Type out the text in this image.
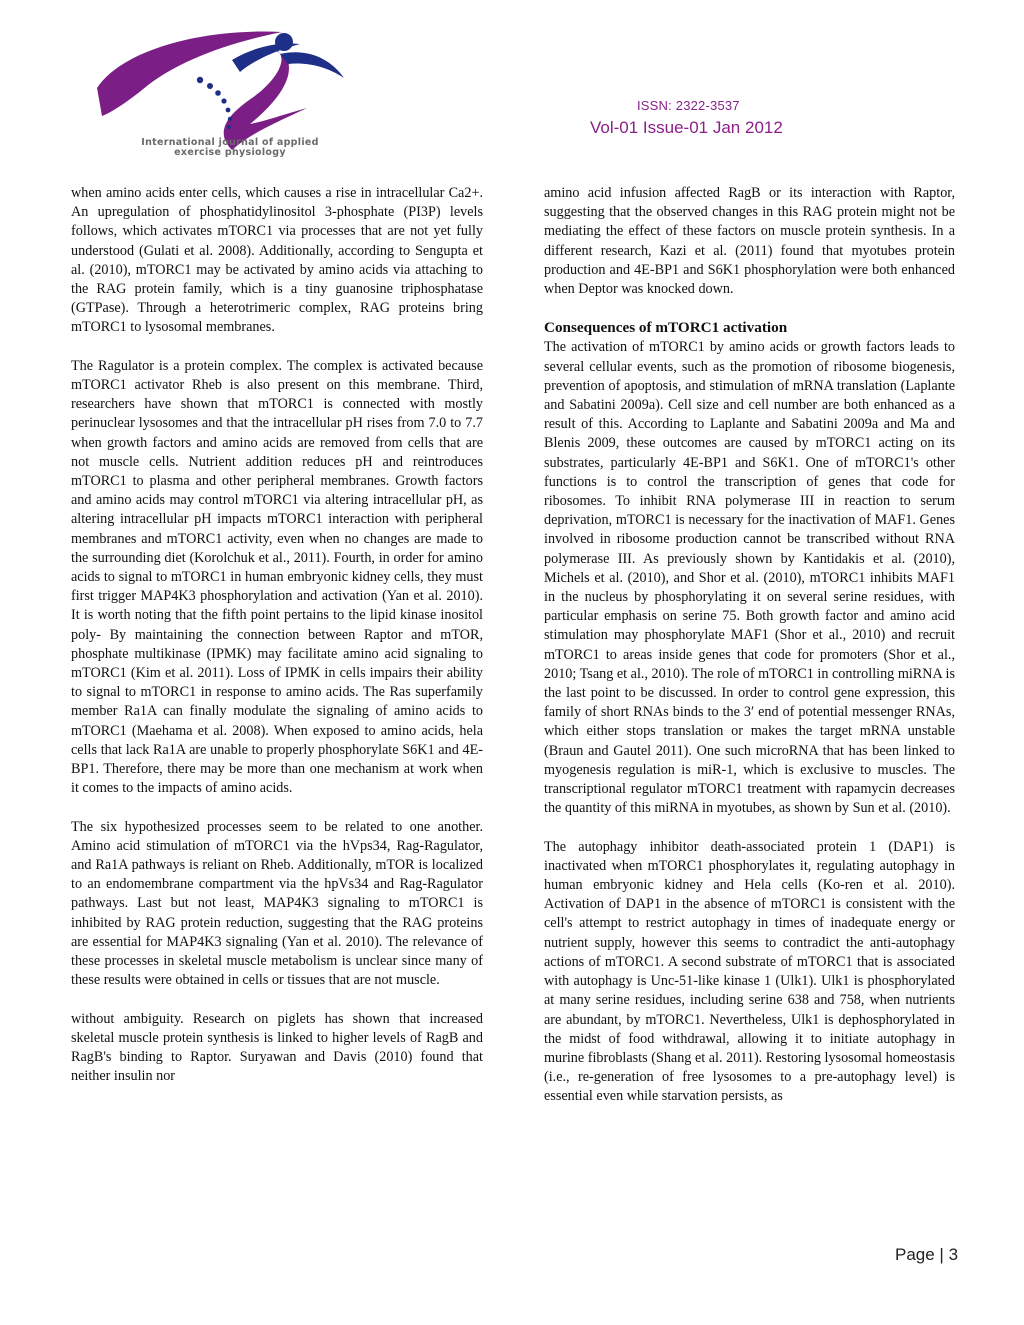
International journal of applied
exercise physiology
ISSN: 2322-3537
Vol-01 Issue-01 Jan 2012

when amino acids enter cells, which causes a rise in intracellular Ca2+. An upregulation of phosphatidylinositol 3-phosphate (PI3P) levels follows, which activates mTORC1 via processes that are not yet fully understood (Gulati et al. 2008). Additionally, according to Sengupta et al. (2010), mTORC1 may be activated by amino acids via attaching to the RAG protein family, which is a tiny guanosine triphosphatase (GTPase). Through a heterotrimeric complex, RAG proteins bring mTORC1 to lysosomal membranes.

The Ragulator is a protein complex. The complex is activated because mTORC1 activator Rheb is also present on this membrane. Third, researchers have shown that mTORC1 is connected with mostly perinuclear lysosomes and that the intracellular pH rises from 7.0 to 7.7 when growth factors and amino acids are removed from cells that are not muscle cells. Nutrient addition reduces pH and reintroduces mTORC1 to plasma and other peripheral membranes. Growth factors and amino acids may control mTORC1 via altering intracellular pH, as altering intracellular pH impacts mTORC1 interaction with peripheral membranes and mTORC1 activity, even when no changes are made to the surrounding diet (Korolchuk et al., 2011). Fourth, in order for amino acids to signal to mTORC1 in human embryonic kidney cells, they must first trigger MAP4K3 phosphorylation and activation (Yan et al. 2010). It is worth noting that the fifth point pertains to the lipid kinase inositol poly- By maintaining the connection between Raptor and mTOR, phosphate multikinase (IPMK) may facilitate amino acid signaling to mTORC1 (Kim et al. 2011). Loss of IPMK in cells impairs their ability to signal to mTORC1 in response to amino acids. The Ras superfamily member Ra1A can finally modulate the signaling of amino acids to mTORC1 (Maehama et al. 2008). When exposed to amino acids, hela cells that lack Ra1A are unable to properly phosphorylate S6K1 and 4E-BP1. Therefore, there may be more than one mechanism at work when it comes to the impacts of amino acids.

The six hypothesized processes seem to be related to one another. Amino acid stimulation of mTORC1 via the hVps34, Rag-Ragulator, and Ra1A pathways is reliant on Rheb. Additionally, mTOR is localized to an endomembrane compartment via the hpVs34 and Rag-Ragulator pathways. Last but not least, MAP4K3 signaling to mTORC1 is inhibited by RAG protein reduction, suggesting that the RAG proteins are essential for MAP4K3 signaling (Yan et al. 2010). The relevance of these processes in skeletal muscle metabolism is unclear since many of these results were obtained in cells or tissues that are not muscle.

without ambiguity. Research on piglets has shown that increased skeletal muscle protein synthesis is linked to higher levels of RagB and RagB's binding to Raptor. Suryawan and Davis (2010) found that neither insulin nor

amino acid infusion affected RagB or its interaction with Raptor, suggesting that the observed changes in this RAG protein might not be mediating the effect of these factors on muscle protein synthesis. In a different research, Kazi et al. (2011) found that myotubes protein production and 4E-BP1 and S6K1 phosphorylation were both enhanced when Deptor was knocked down.

Consequences of mTORC1 activation

The activation of mTORC1 by amino acids or growth factors leads to several cellular events, such as the promotion of ribosome biogenesis, prevention of apoptosis, and stimulation of mRNA translation (Laplante and Sabatini 2009a). Cell size and cell number are both enhanced as a result of this. According to Laplante and Sabatini 2009a and Ma and Blenis 2009, these outcomes are caused by mTORC1 acting on its substrates, particularly 4E-BP1 and S6K1. One of mTORC1's other functions is to control the transcription of genes that code for ribosomes. To inhibit RNA polymerase III in reaction to serum deprivation, mTORC1 is necessary for the inactivation of MAF1. Genes involved in ribosome production cannot be transcribed without RNA polymerase III. As previously shown by Kantidakis et al. (2010), Michels et al. (2010), and Shor et al. (2010), mTORC1 inhibits MAF1 in the nucleus by phosphorylating it on several serine residues, with particular emphasis on serine 75. Both growth factor and amino acid stimulation may phosphorylate MAF1 (Shor et al., 2010) and recruit mTORC1 to areas inside genes that code for promoters (Shor et al., 2010; Tsang et al., 2010). The role of mTORC1 in controlling miRNA is the last point to be discussed. In order to control gene expression, this family of short RNAs binds to the 3′ end of potential messenger RNAs, which either stops translation or makes the target mRNA unstable (Braun and Gautel 2011). One such microRNA that has been linked to myogenesis regulation is miR-1, which is exclusive to muscles. The transcriptional regulator mTORC1 treatment with rapamycin decreases the quantity of this miRNA in myotubes, as shown by Sun et al. (2010).

The autophagy inhibitor death-associated protein 1 (DAP1) is inactivated when mTORC1 phosphorylates it, regulating autophagy in human embryonic kidney and Hela cells (Ko-ren et al. 2010). Activation of DAP1 in the absence of mTORC1 is consistent with the cell's attempt to restrict autophagy in times of inadequate energy or nutrient supply, however this seems to contradict the anti-autophagy actions of mTORC1. A second substrate of mTORC1 that is associated with autophagy is Unc-51-like kinase 1 (Ulk1). Ulk1 is phosphorylated at many serine residues, including serine 638 and 758, when nutrients are abundant, by mTORC1. Nevertheless, Ulk1 is dephosphorylated in the midst of food withdrawal, allowing it to initiate autophagy in murine fibroblasts (Shang et al. 2011). Restoring lysosomal homeostasis (i.e., re-generation of free lysosomes to a pre-autophagy level) is essential even while starvation persists, as

Page | 3
